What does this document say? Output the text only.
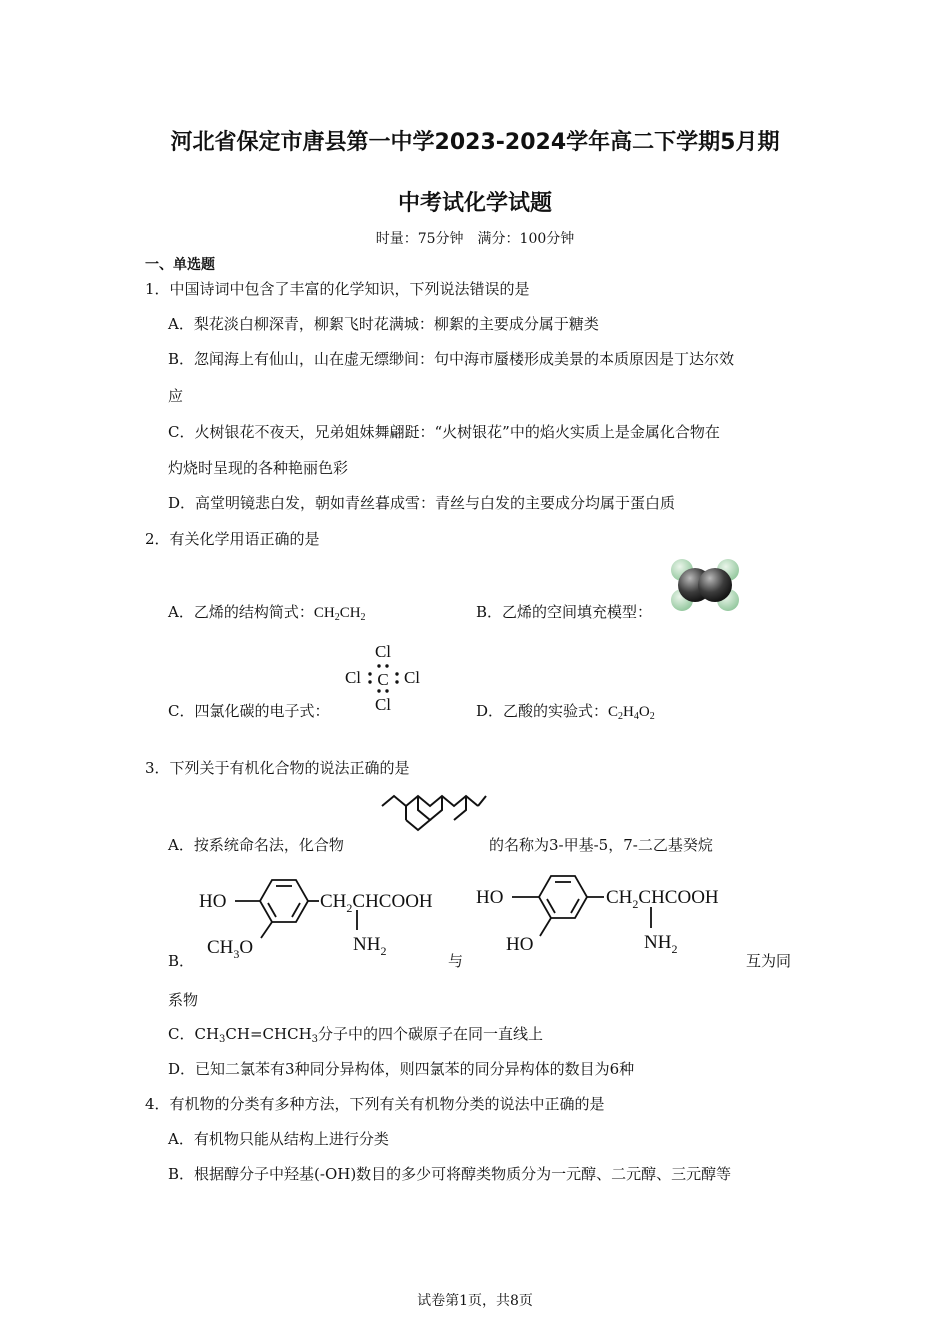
河北省保定市唐县第一中学2023-2024学年高二下学期5月期
中考试化学试题
时量：75分钟　满分：100分钟
一、单选题
1．中国诗词中包含了丰富的化学知识，下列说法错误的是
A．梨花淡白柳深青，柳絮飞时花满城：柳絮的主要成分属于糖类
B．忽闻海上有仙山，山在虚无缥缈间：句中海市蜃楼形成美景的本质原因是丁达尔效
应
C．火树银花不夜天，兄弟姐妹舞翩跹：“火树银花”中的焰火实质上是金属化合物在
灼烧时呈现的各种艳丽色彩
D．高堂明镜悲白发，朝如青丝暮成雪：青丝与白发的主要成分均属于蛋白质
2．有关化学用语正确的是
A．乙烯的结构简式：$CH_2CH_2$	B．乙烯的空间填充模型：
C．四氯化碳的电子式：
Cl
Cl C Cl
Cl	D．乙酸的实验式：$C_2H_4O_2$
3．下列关于有机化合物的说法正确的是
A．按系统命名法，化合物	的名称为3-甲基-5，7-二乙基癸烷
HO	$CH_2CHCOOH$
$CH_3O$	$NH_2$
B．	与
HO	$CH_2CHCOOH$
HO	$NH_2$
互为同
系物
C．$CH_3CH=CHCH_3$分子中的四个碳原子在同一直线上
D．已知二氯苯有3种同分异构体，则四氯苯的同分异构体的数目为6种
4．有机物的分类有多种方法，下列有关有机物分类的说法中正确的是
A．有机物只能从结构上进行分类
B．根据醇分子中羟基(-OH)数目的多少可将醇类物质分为一元醇、二元醇、三元醇等
试卷第1页，共8页
